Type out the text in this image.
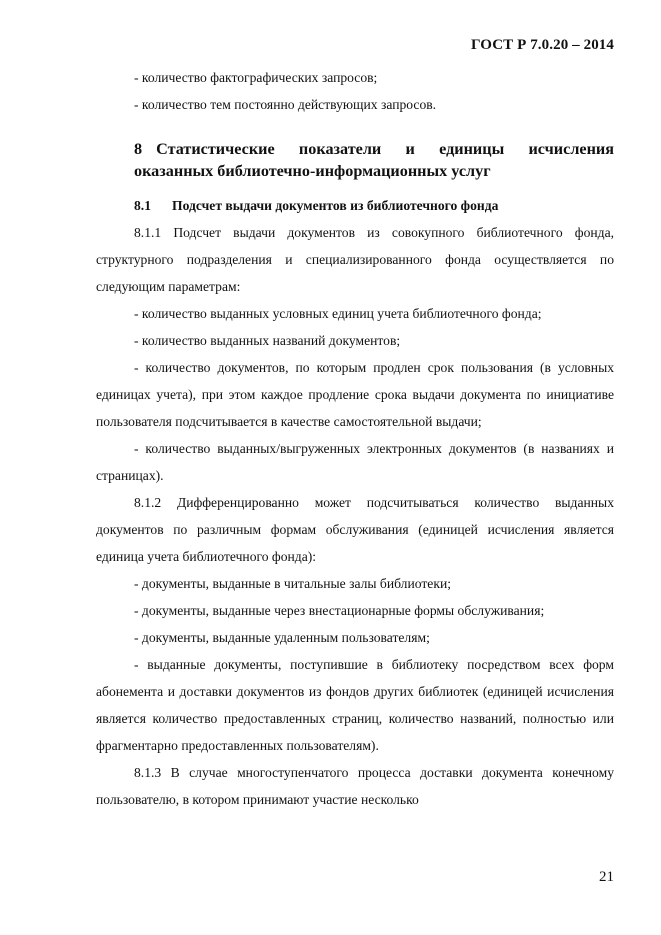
ГОСТ Р 7.0.20 – 2014

- количество фактографических запросов;

- количество тем постоянно действующих запросов.

8 Статистические показатели и единицы исчисления оказанных библиотечно-информационных услуг
8.1 Подсчет выдачи документов из библиотечного фонда

8.1.1 Подсчет выдачи документов из совокупного библиотечного фонда, структурного подразделения и специализированного фонда осуществляется по следующим параметрам:

- количество выданных условных единиц учета библиотечного фонда;

- количество выданных названий документов;

- количество документов, по которым продлен срок пользования (в условных единицах учета), при этом каждое продление срока выдачи документа по инициативе пользователя подсчитывается в качестве самостоятельной выдачи;

- количество выданных/выгруженных электронных документов (в названиях и страницах).

8.1.2 Дифференцированно может подсчитываться количество выданных документов по различным формам обслуживания (единицей исчисления является единица учета библиотечного фонда):

- документы, выданные в читальные залы библиотеки;

- документы, выданные через внестационарные формы обслуживания;

- документы, выданные удаленным пользователям;

- выданные документы, поступившие в библиотеку посредством всех форм абонемента и доставки документов из фондов других библиотек (единицей исчисления является количество предоставленных страниц, количество названий, полностью или фрагментарно предоставленных пользователям).

8.1.3 В случае многоступенчатого процесса доставки документа конечному пользователю, в котором принимают участие несколько

21
